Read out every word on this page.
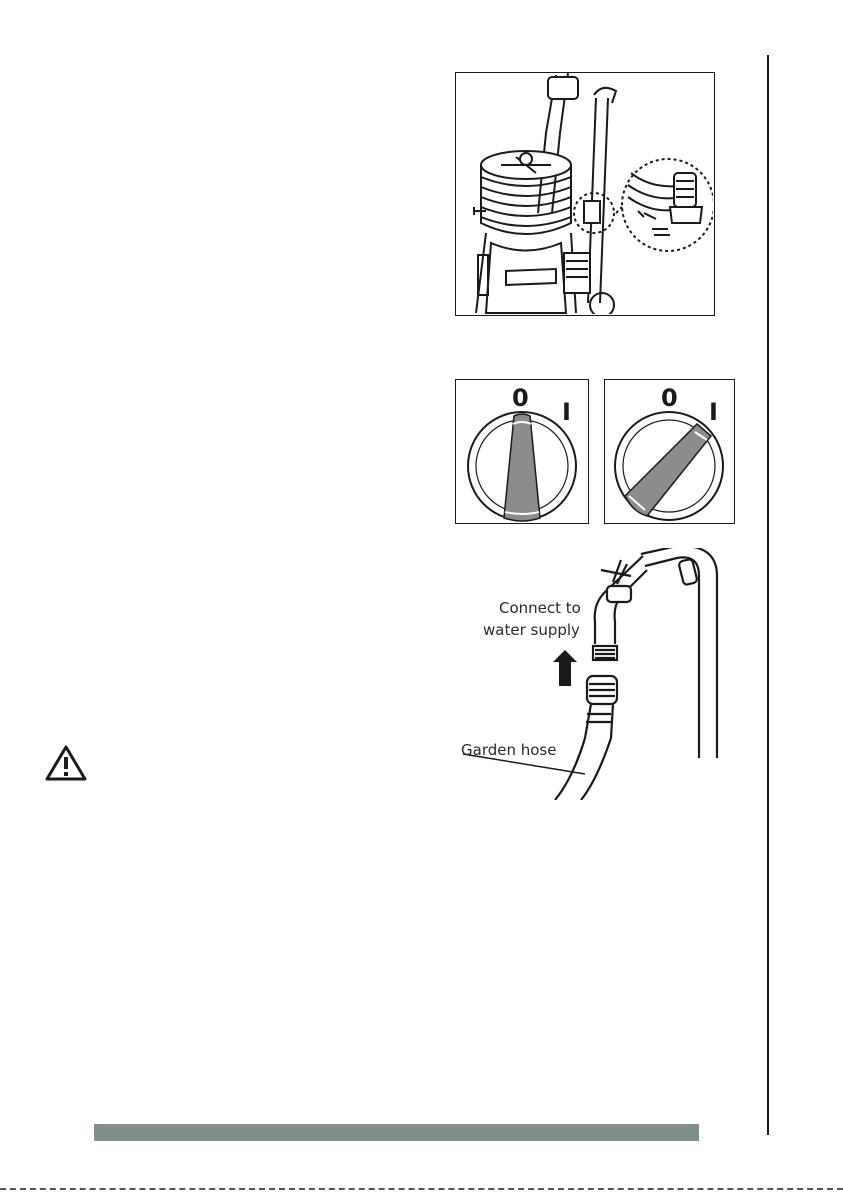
0 I	0 I
Connect to
water supply
Garden hose
